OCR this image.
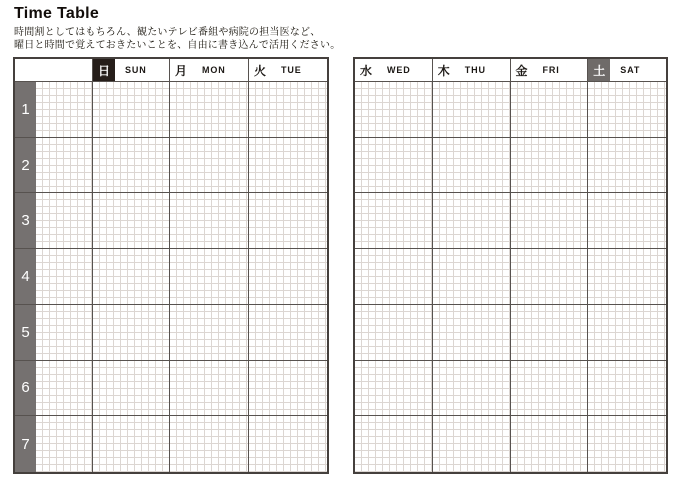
Time Table
時間割としてはもちろん、観たいテレビ番組や病院の担当医など、
曜日と時間で覚えておきたいことを、自由に書き込んで活用ください。
日 SUN 月 MON 火 TUE
1
2
3
4
5
6
7
水 WED 木 THU 金 FRI	土 SAT
